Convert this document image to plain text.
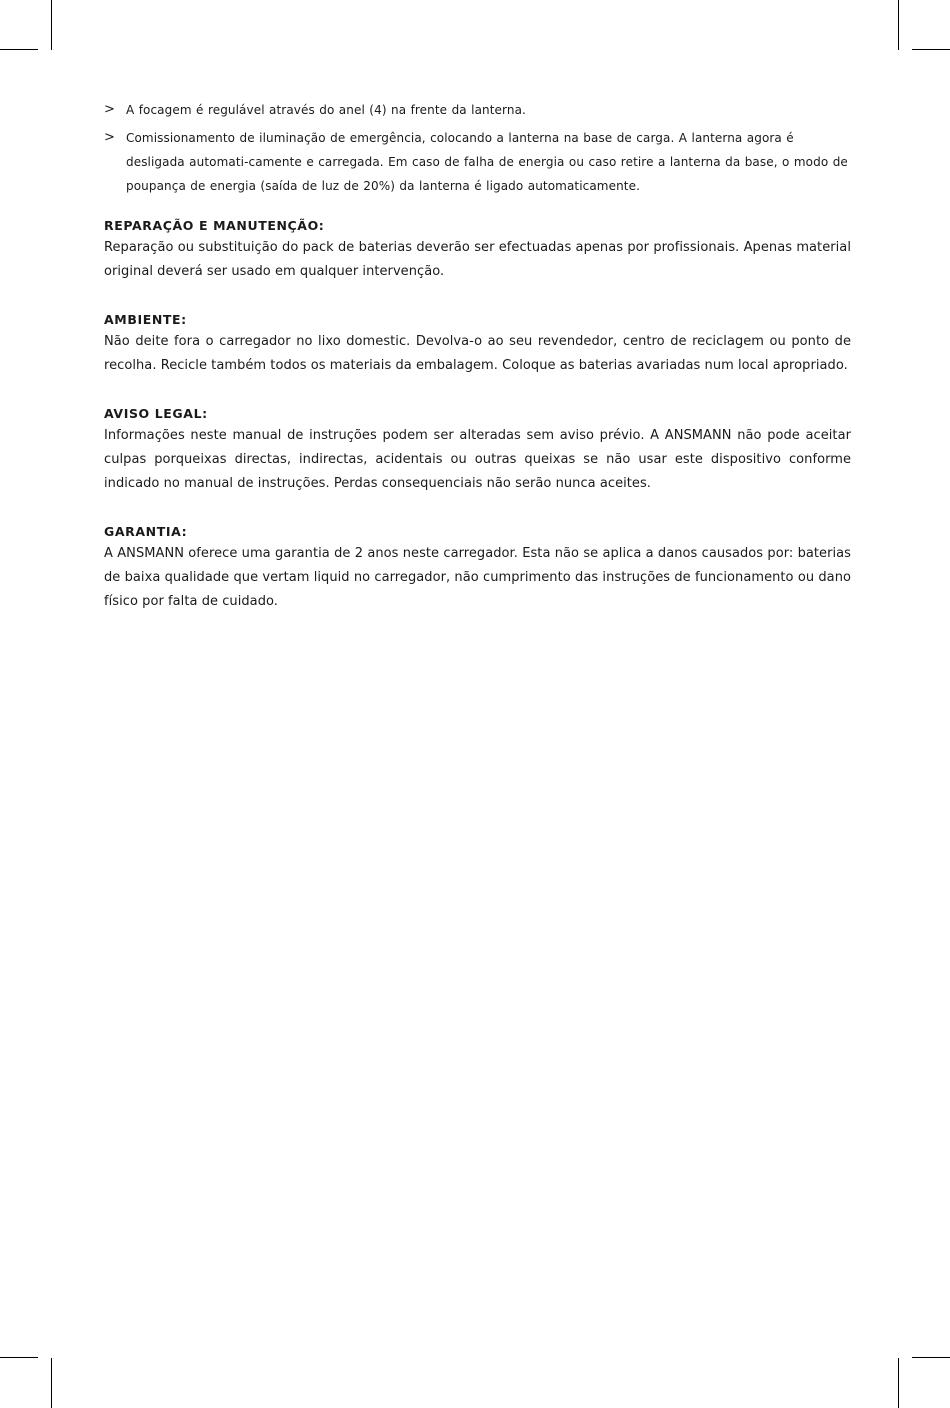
> A focagem é regulável através do anel (4) na frente da lanterna.
> Comissionamento de iluminação de emergência, colocando a lanterna na base de carga. A lanterna agora é desligada automati-camente e carregada. Em caso de falha de energia ou caso retire a lanterna da base, o modo de poupança de energia (saída de luz de 20%) da lanterna é ligado automaticamente.

REPARAÇÃO E MANUTENÇÃO:

Reparação ou substituição do pack de baterias deverão ser efectuadas apenas por profissionais. Apenas material original deverá ser usado em qualquer intervenção.

AMBIENTE:

Não deite fora o carregador no lixo domestic. Devolva-o ao seu revendedor, centro de reciclagem ou ponto de recolha. Recicle também todos os materiais da embalagem. Coloque as baterias avariadas num local apropriado.

AVISO LEGAL:

Informações neste manual de instruções podem ser alteradas sem aviso prévio. A ANSMANN não pode aceitar culpas porqueixas directas, indirectas, acidentais ou outras queixas se não usar este dispositivo conforme indicado no manual de instruções. Perdas consequenciais não serão nunca aceites.

GARANTIA:

A ANSMANN oferece uma garantia de 2 anos neste carregador. Esta não se aplica a danos causados por: baterias de baixa qualidade que vertam liquid no carregador, não cumprimento das instruções de funcionamento ou dano físico por falta de cuidado.
